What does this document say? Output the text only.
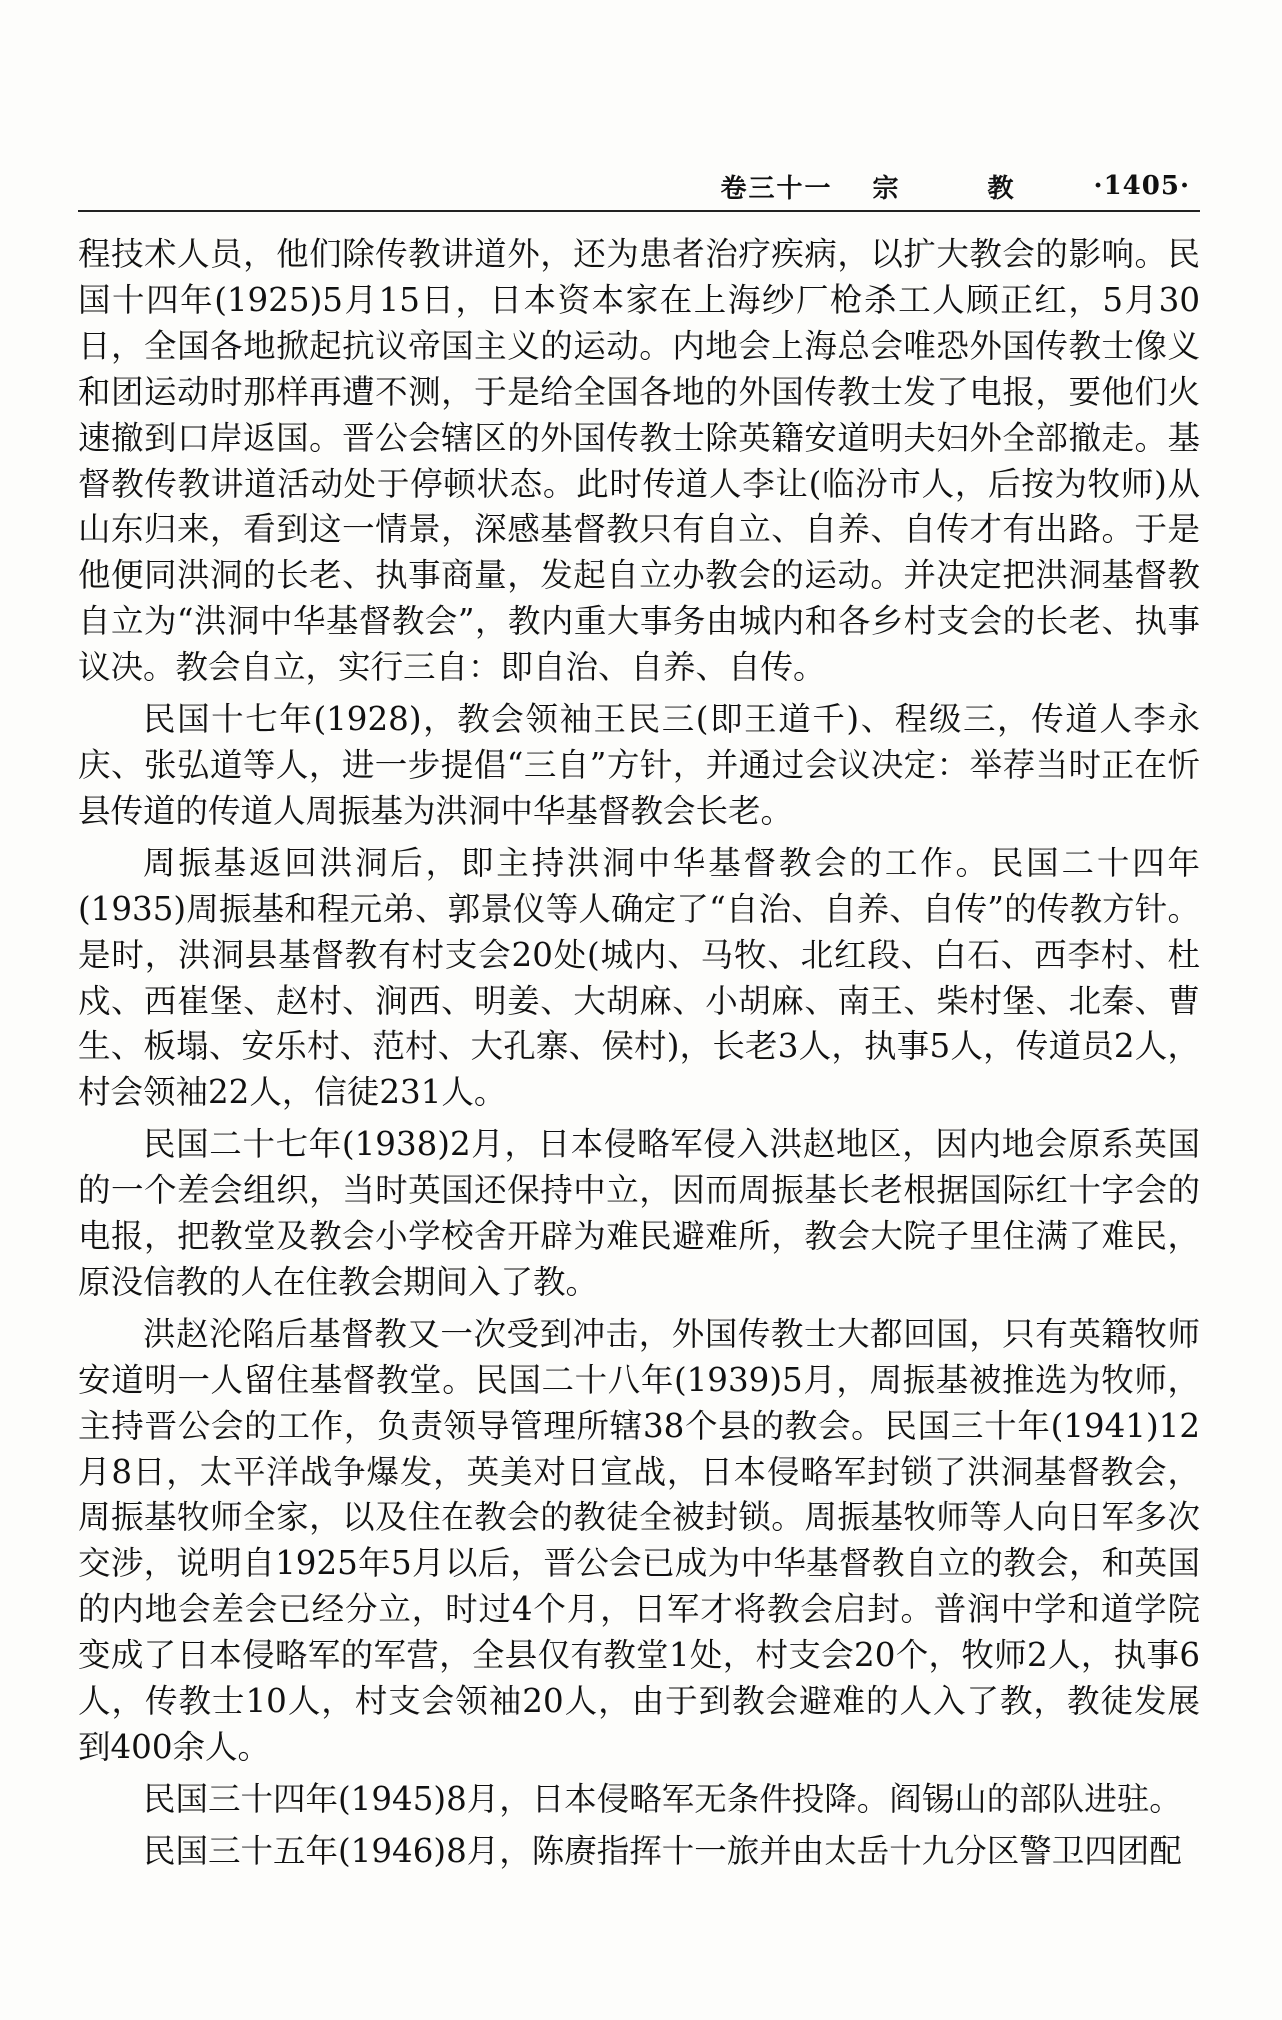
卷三十一 宗 教 ·1405·

程技术人员，他们除传教讲道外，还为患者治疗疾病，以扩大教会的影响。民国十四年(1925)5月15日，日本资本家在上海纱厂枪杀工人顾正红，5月30日，全国各地掀起抗议帝国主义的运动。内地会上海总会唯恐外国传教士像义和团运动时那样再遭不测，于是给全国各地的外国传教士发了电报，要他们火速撤到口岸返国。晋公会辖区的外国传教士除英籍安道明夫妇外全部撤走。基督教传教讲道活动处于停顿状态。此时传道人李让(临汾市人，后按为牧师)从山东归来，看到这一情景，深感基督教只有自立、自养、自传才有出路。于是他便同洪洞的长老、执事商量，发起自立办教会的运动。并决定把洪洞基督教自立为“洪洞中华基督教会”，教内重大事务由城内和各乡村支会的长老、执事议决。教会自立，实行三自：即自治、自养、自传。

民国十七年(1928)，教会领袖王民三(即王道千)、程级三，传道人李永庆、张弘道等人，进一步提倡“三自”方针，并通过会议决定：举荐当时正在忻县传道的传道人周振基为洪洞中华基督教会长老。

周振基返回洪洞后，即主持洪洞中华基督教会的工作。民国二十四年(1935)周振基和程元弟、郭景仪等人确定了“自治、自养、自传”的传教方针。是时，洪洞县基督教有村支会20处(城内、马牧、北红段、白石、西李村、杜戍、西崔堡、赵村、涧西、明姜、大胡麻、小胡麻、南王、柴村堡、北秦、曹生、板塌、安乐村、范村、大孔寨、侯村)，长老3人，执事5人，传道员2人，村会领袖22人，信徒231人。

民国二十七年(1938)2月，日本侵略军侵入洪赵地区，因内地会原系英国的一个差会组织，当时英国还保持中立，因而周振基长老根据国际红十字会的电报，把教堂及教会小学校舍开辟为难民避难所，教会大院子里住满了难民，原没信教的人在住教会期间入了教。

洪赵沦陷后基督教又一次受到冲击，外国传教士大都回国，只有英籍牧师安道明一人留住基督教堂。民国二十八年(1939)5月，周振基被推选为牧师，主持晋公会的工作，负责领导管理所辖38个县的教会。民国三十年(1941)12月8日，太平洋战争爆发，英美对日宣战，日本侵略军封锁了洪洞基督教会，周振基牧师全家，以及住在教会的教徒全被封锁。周振基牧师等人向日军多次交涉，说明自1925年5月以后，晋公会已成为中华基督教自立的教会，和英国的内地会差会已经分立，时过4个月，日军才将教会启封。普润中学和道学院变成了日本侵略军的军营，全县仅有教堂1处，村支会20个，牧师2人，执事6人，传教士10人，村支会领袖20人，由于到教会避难的人入了教，教徒发展到400余人。

民国三十四年(1945)8月，日本侵略军无条件投降。阎锡山的部队进驻。

民国三十五年(1946)8月，陈赓指挥十一旅并由太岳十九分区警卫四团配
